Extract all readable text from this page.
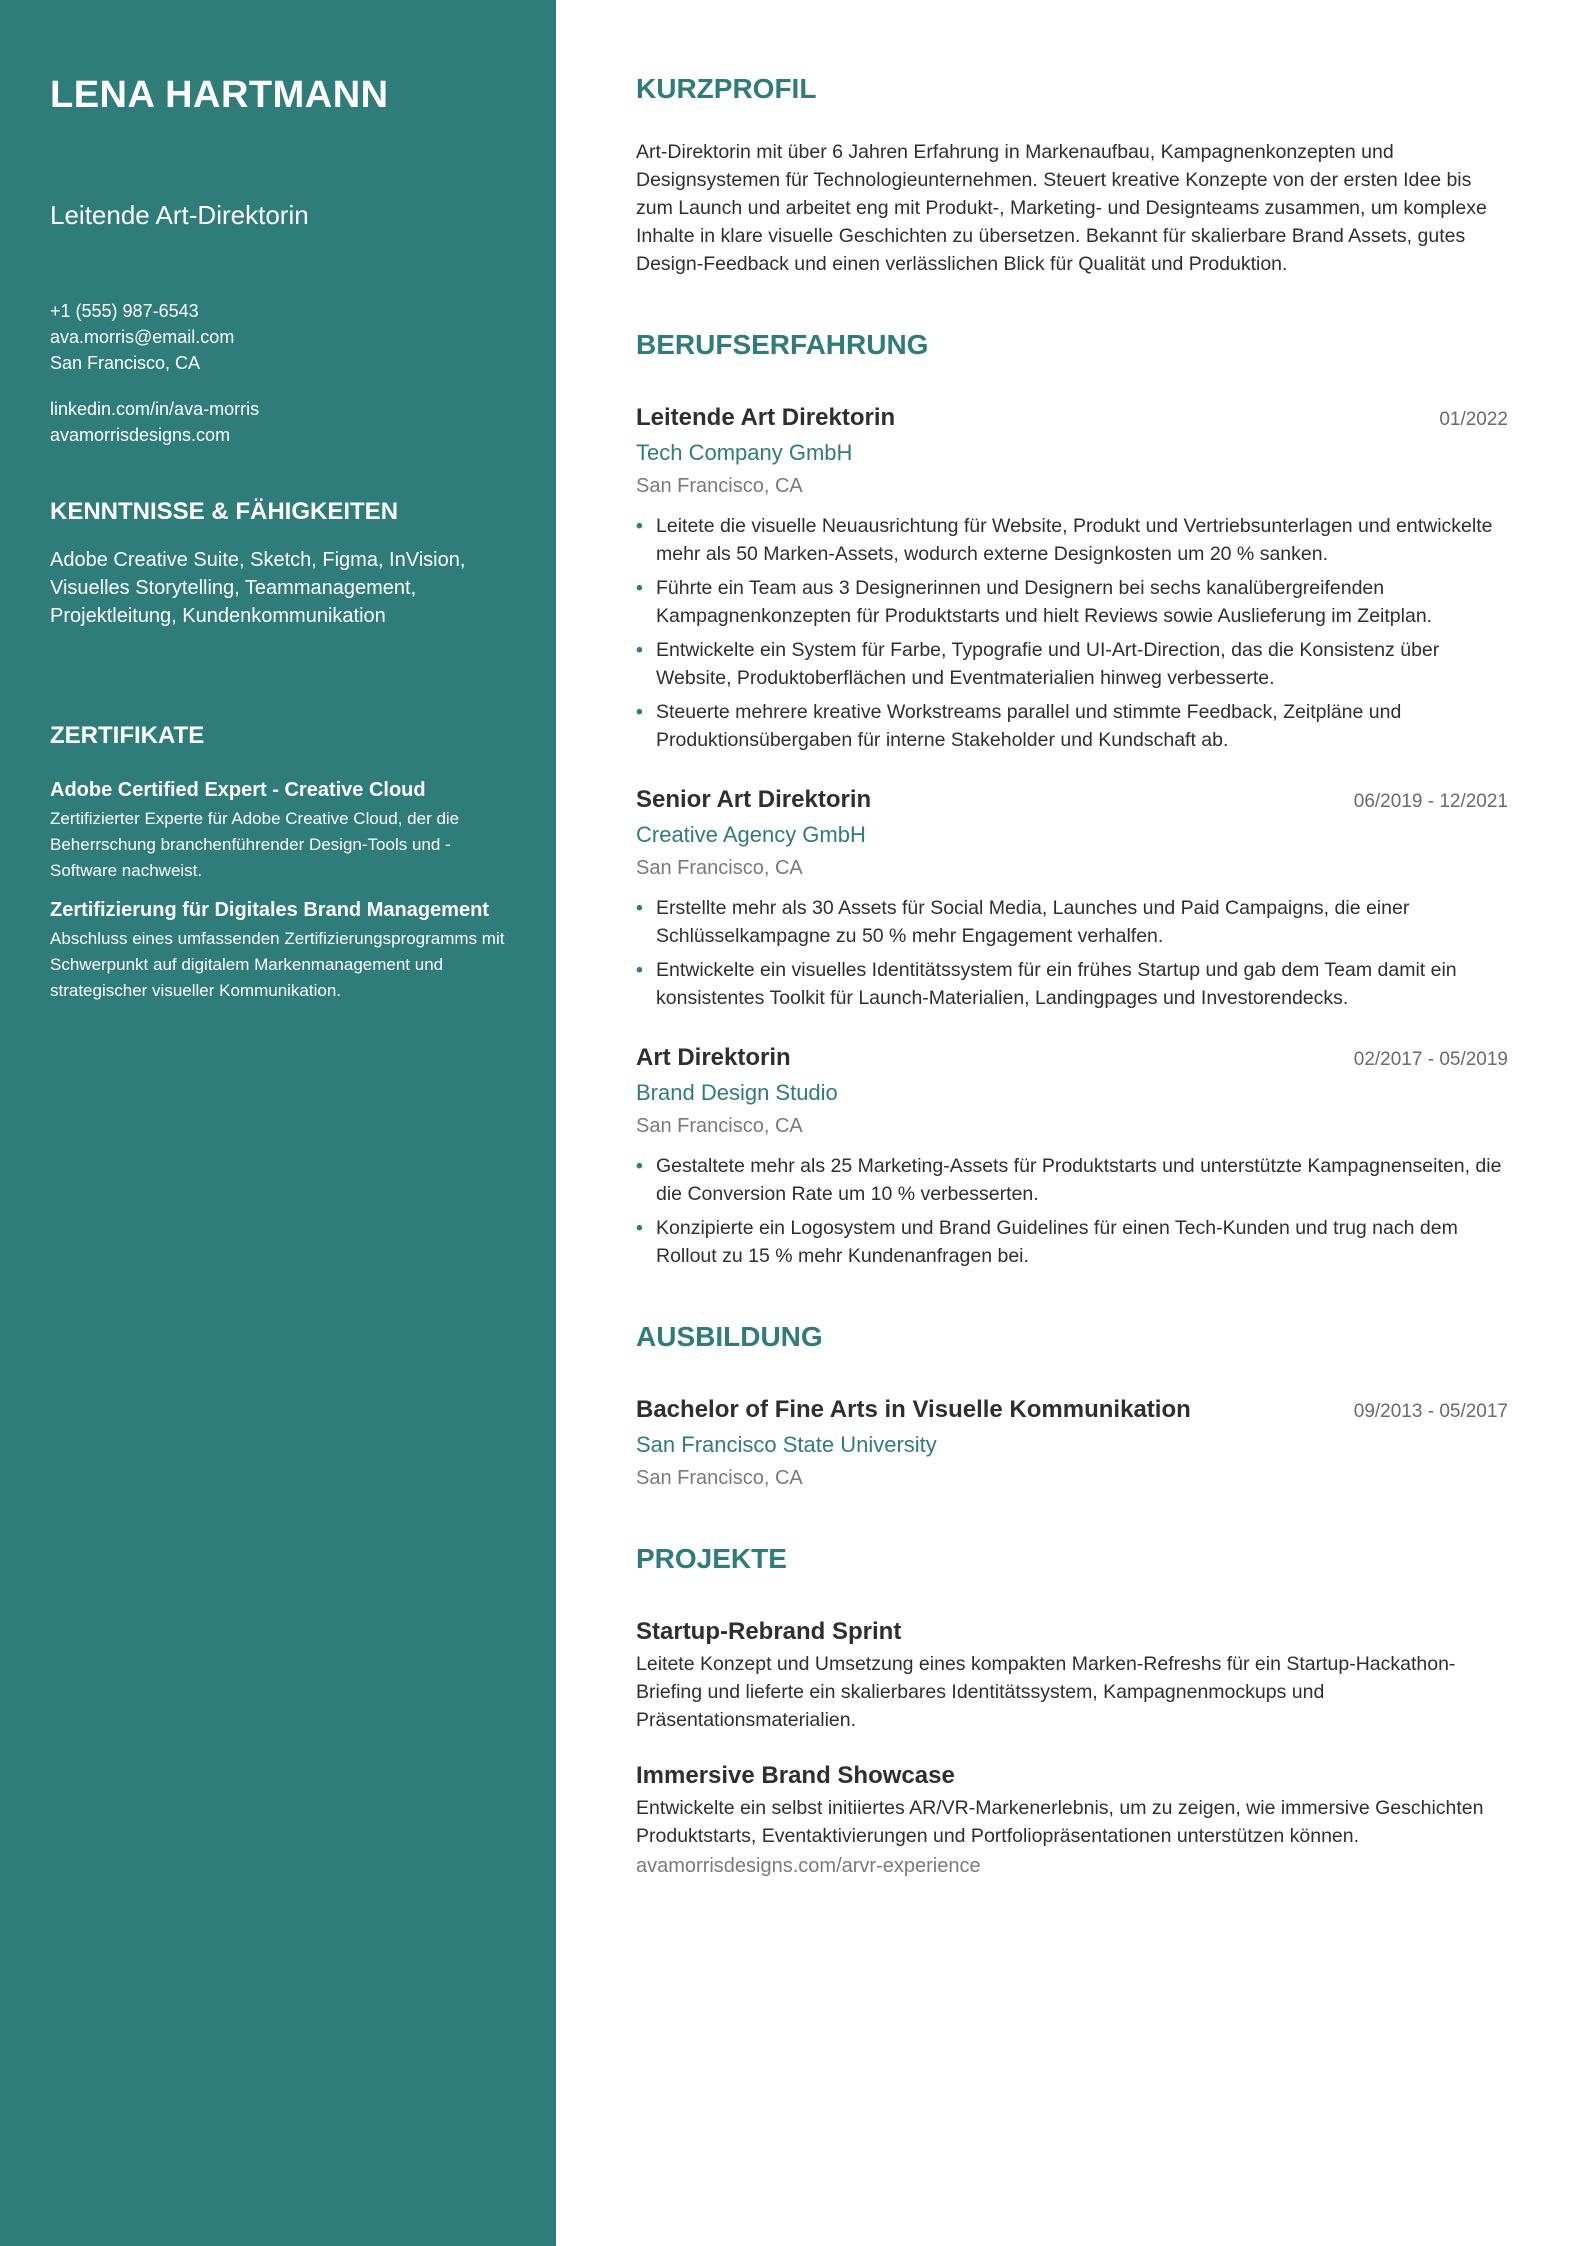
LENA HARTMANN
Leitende Art-Direktorin
+1 (555) 987-6543
ava.morris@email.com
San Francisco, CA
linkedin.com/in/ava-morris
avamorrisdesigns.com
KENNTNISSE & FÄHIGKEITEN
Adobe Creative Suite, Sketch, Figma, InVision, Visuelles Storytelling, Teammanagement, Projektleitung, Kundenkommunikation
ZERTIFIKATE
Adobe Certified Expert - Creative Cloud
Zertifizierter Experte für Adobe Creative Cloud, der die Beherrschung branchenführender Design-Tools und -Software nachweist.
Zertifizierung für Digitales Brand Management
Abschluss eines umfassenden Zertifizierungsprogramms mit Schwerpunkt auf digitalem Markenmanagement und strategischer visueller Kommunikation.
KURZPROFIL
Art-Direktorin mit über 6 Jahren Erfahrung in Markenaufbau, Kampagnenkonzepten und Designsystemen für Technologieunternehmen. Steuert kreative Konzepte von der ersten Idee bis zum Launch und arbeitet eng mit Produkt-, Marketing- und Designteams zusammen, um komplexe Inhalte in klare visuelle Geschichten zu übersetzen. Bekannt für skalierbare Brand Assets, gutes Design-Feedback und einen verlässlichen Blick für Qualität und Produktion.
BERUFSERFAHRUNG
Leitende Art Direktorin	01/2022
Tech Company GmbH
San Francisco, CA
• Leitete die visuelle Neuausrichtung für Website, Produkt und Vertriebsunterlagen und entwickelte mehr als 50 Marken-Assets, wodurch externe Designkosten um 20 % sanken.
• Führte ein Team aus 3 Designerinnen und Designern bei sechs kanalübergreifenden Kampagnenkonzepten für Produktstarts und hielt Reviews sowie Auslieferung im Zeitplan.
• Entwickelte ein System für Farbe, Typografie und UI-Art-Direction, das die Konsistenz über Website, Produktoberflächen und Eventmaterialien hinweg verbesserte.
• Steuerte mehrere kreative Workstreams parallel und stimmte Feedback, Zeitpläne und Produktionsübergaben für interne Stakeholder und Kundschaft ab.
Senior Art Direktorin	06/2019 - 12/2021
Creative Agency GmbH
San Francisco, CA
• Erstellte mehr als 30 Assets für Social Media, Launches und Paid Campaigns, die einer Schlüsselkampagne zu 50 % mehr Engagement verhalfen.
• Entwickelte ein visuelles Identitätssystem für ein frühes Startup und gab dem Team damit ein konsistentes Toolkit für Launch-Materialien, Landingpages und Investorendecks.
Art Direktorin	02/2017 - 05/2019
Brand Design Studio
San Francisco, CA
• Gestaltete mehr als 25 Marketing-Assets für Produktstarts und unterstützte Kampagnenseiten, die die Conversion Rate um 10 % verbesserten.
• Konzipierte ein Logosystem und Brand Guidelines für einen Tech-Kunden und trug nach dem Rollout zu 15 % mehr Kundenanfragen bei.
AUSBILDUNG
Bachelor of Fine Arts in Visuelle Kommunikation	09/2013 - 05/2017
San Francisco State University
San Francisco, CA
PROJEKTE
Startup-Rebrand Sprint
Leitete Konzept und Umsetzung eines kompakten Marken-Refreshs für ein Startup-Hackathon-Briefing und lieferte ein skalierbares Identitätssystem, Kampagnenmockups und Präsentationsmaterialien.
Immersive Brand Showcase
Entwickelte ein selbst initiiertes AR/VR-Markenerlebnis, um zu zeigen, wie immersive Geschichten Produktstarts, Eventaktivierungen und Portfoliopräsentationen unterstützen können.
avamorrisdesigns.com/arvr-experience
